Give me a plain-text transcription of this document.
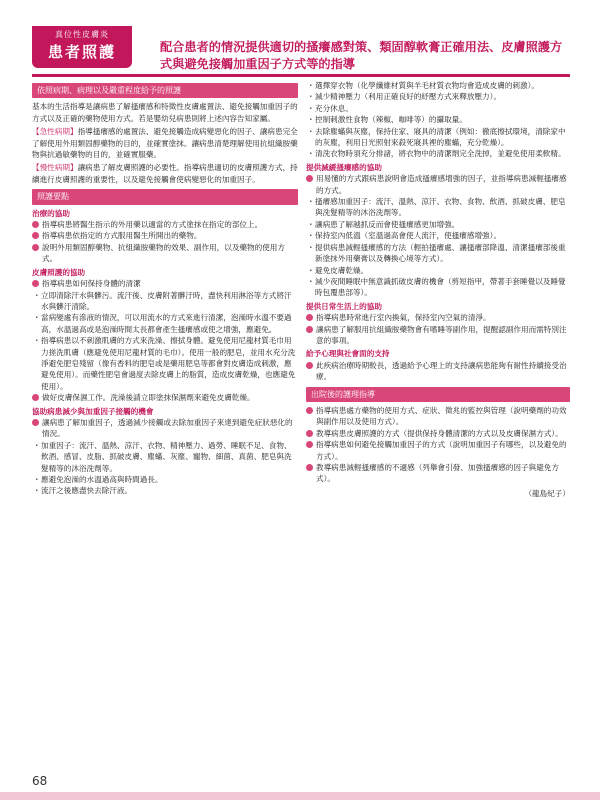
真位性皮膚炎
患者照護	配合患者的情況提供適切的搔癢感對策、類固醇軟膏正確用法、皮膚照護方式與避免接觸加重因子方式等的指導
依照病期、病理以及嚴重程度給予的照護

基本的生活指導是讓病患了解搔癢感和特徵性皮膚處置法、避免接觸加重因子的方式以及正確的藥物使用方式。若是嬰幼兒病患則將上述內容告知家屬。

【急性病期】指導搔癢感的處置法、避免接觸造成病變惡化的因子、讓病患完全了解使用外用類固醇藥物的目的，並確實塗抹。讓病患清楚理解使用抗組織胺藥物與抗過敏藥物的目的，並確實服藥。

【慢性病期】讓病患了解皮膚照護的必要性。指導病患適切的皮膚照護方式，持續進行皮膚照護的重要性，以及避免接觸會使病變惡化的加重因子。

照護要點
治療的協助
指導病患將醫生指示的外用藥以適當的方式塗抹在指定的部位上。
指導病患依指定的方式服用醫生所開出的藥物。
說明外用類固醇藥物、抗組織胺藥物的效果、副作用，以及藥物的使用方式。
皮膚照護的協助
指導病患如何保持身體的清潔
・ 立即清除汗水與髒污。流汗後、皮膚附著髒汙時，盡快利用淋浴等方式將汗水與髒汙清除。
・ 當病變處有滲液的情況，可以用流水的方式來進行清潔，泡澡時水溫不要過高，水溫過高或是泡澡時間太長都會產生搔癢感或使之增強，應避免。
・ 指導病患以不刺激肌膚的方式來洗澡、擦拭身體。避免使用尼龍材質毛巾用力搓洗肌膚（應避免使用尼龍材質的毛巾）。使用一般的肥皂，並用水充分洗淨避免肥皂殘留（像有香料的肥皂或是藥用肥皂等都會對皮膚造成刺激，應避免使用）。而藥性肥皂會過度去除皮膚上的脂質，造成皮膚乾燥，也應避免使用）。
做好皮膚保濕工作。洗澡後請立即塗抹保濕劑來避免皮膚乾燥。
協助病患減少與加重因子接觸的機會
讓病患了解加重因子，透過減少接觸或去除加重因子來達到避免症狀惡化的情況。
・ 加重因子：流汗、溫熱、涼汗、衣物、精神壓力、過勞、睡眠不足、食物、飲酒、感冒、皮脂、抓破皮膚、塵蟎、灰塵、寵物、細菌、真菌、肥皂與洗髮精等的沐浴洗劑等。
・ 應避免泡澡的水溫過高與時間過長。
・ 流汗之後應盡快去除汗液。
・ 選擇穿衣物（化學纖維材質與羊毛材質衣物均會造成皮膚的刺激）。
・ 減少精神壓力（利用正確良好的紓壓方式來釋放壓力）。
・ 充分休息。
・ 控制刺激性食物（辣椒、咖啡等）的攝取量。
・ 去除塵蟎與灰塵，保持住家、寢具的清潔（例如：徹底擦拭環境，清除家中的灰塵，利用日光照射來殺死寢具裡的塵蟎，充分乾燥）。
・ 清洗衣物時須充分排諸，將衣物中的清潔劑完全洗掉，並避免使用柔軟精。
提供減緩搔癢感的協助
用易懂的方式跟病患說明會造成搔癢感增強的因子，並指導病患減輕搔癢感的方式。
・ 搔癢感加重因子：流汗、溫熱、涼汗、衣物、食物、飲酒、抓破皮膚、肥皂與洗髮精等的沐浴洗劑等。
・ 讓病患了解越抓反而會使搔癢感更加增強。
・ 保持室內低溫（室溫過高會使人流汗，使搔癢感增強）。
・ 提供病患減輕搔癢感的方法（輕拍搔癢處、讓搔癢部降溫、清潔搔癢部後重新塗抹外用藥膏以及轉換心境等方式）。
・ 避免皮膚乾燥。
・ 減少夜間睡眠中無意識抓破皮膚的機會（剪短指甲，帶著手套睡覺以及睡覺時包覆患部等）。
提供日常生活上的協助
指導病患時常進行室內換氣，保持室內空氣的清淨。
讓病患了解服用抗組織胺藥物會有嗜睡等副作用，提醒認副作用而需特別注意的事項。
給予心理與社會面的支持
此疾病治療時期較長，透過給予心理上的支持讓病患能夠有耐性持續接受治療。
出院後的護理指導
指導病患處方藥物的使用方式、症狀、徵兆的監控與管理（說明藥劑的功效與副作用以及使用方式）。
教導病患皮膚照護的方式（提供保持身體清潔的方式以及皮膚保濕方式）。
指導病患如何避免接觸加重因子的方式（說明加重因子有哪些，以及避免的方式）。
教導病患減輕搔癢感的不適感（列舉會引發、加強搔癢感的因子與避免方式）。
（龍島紀子）
68
